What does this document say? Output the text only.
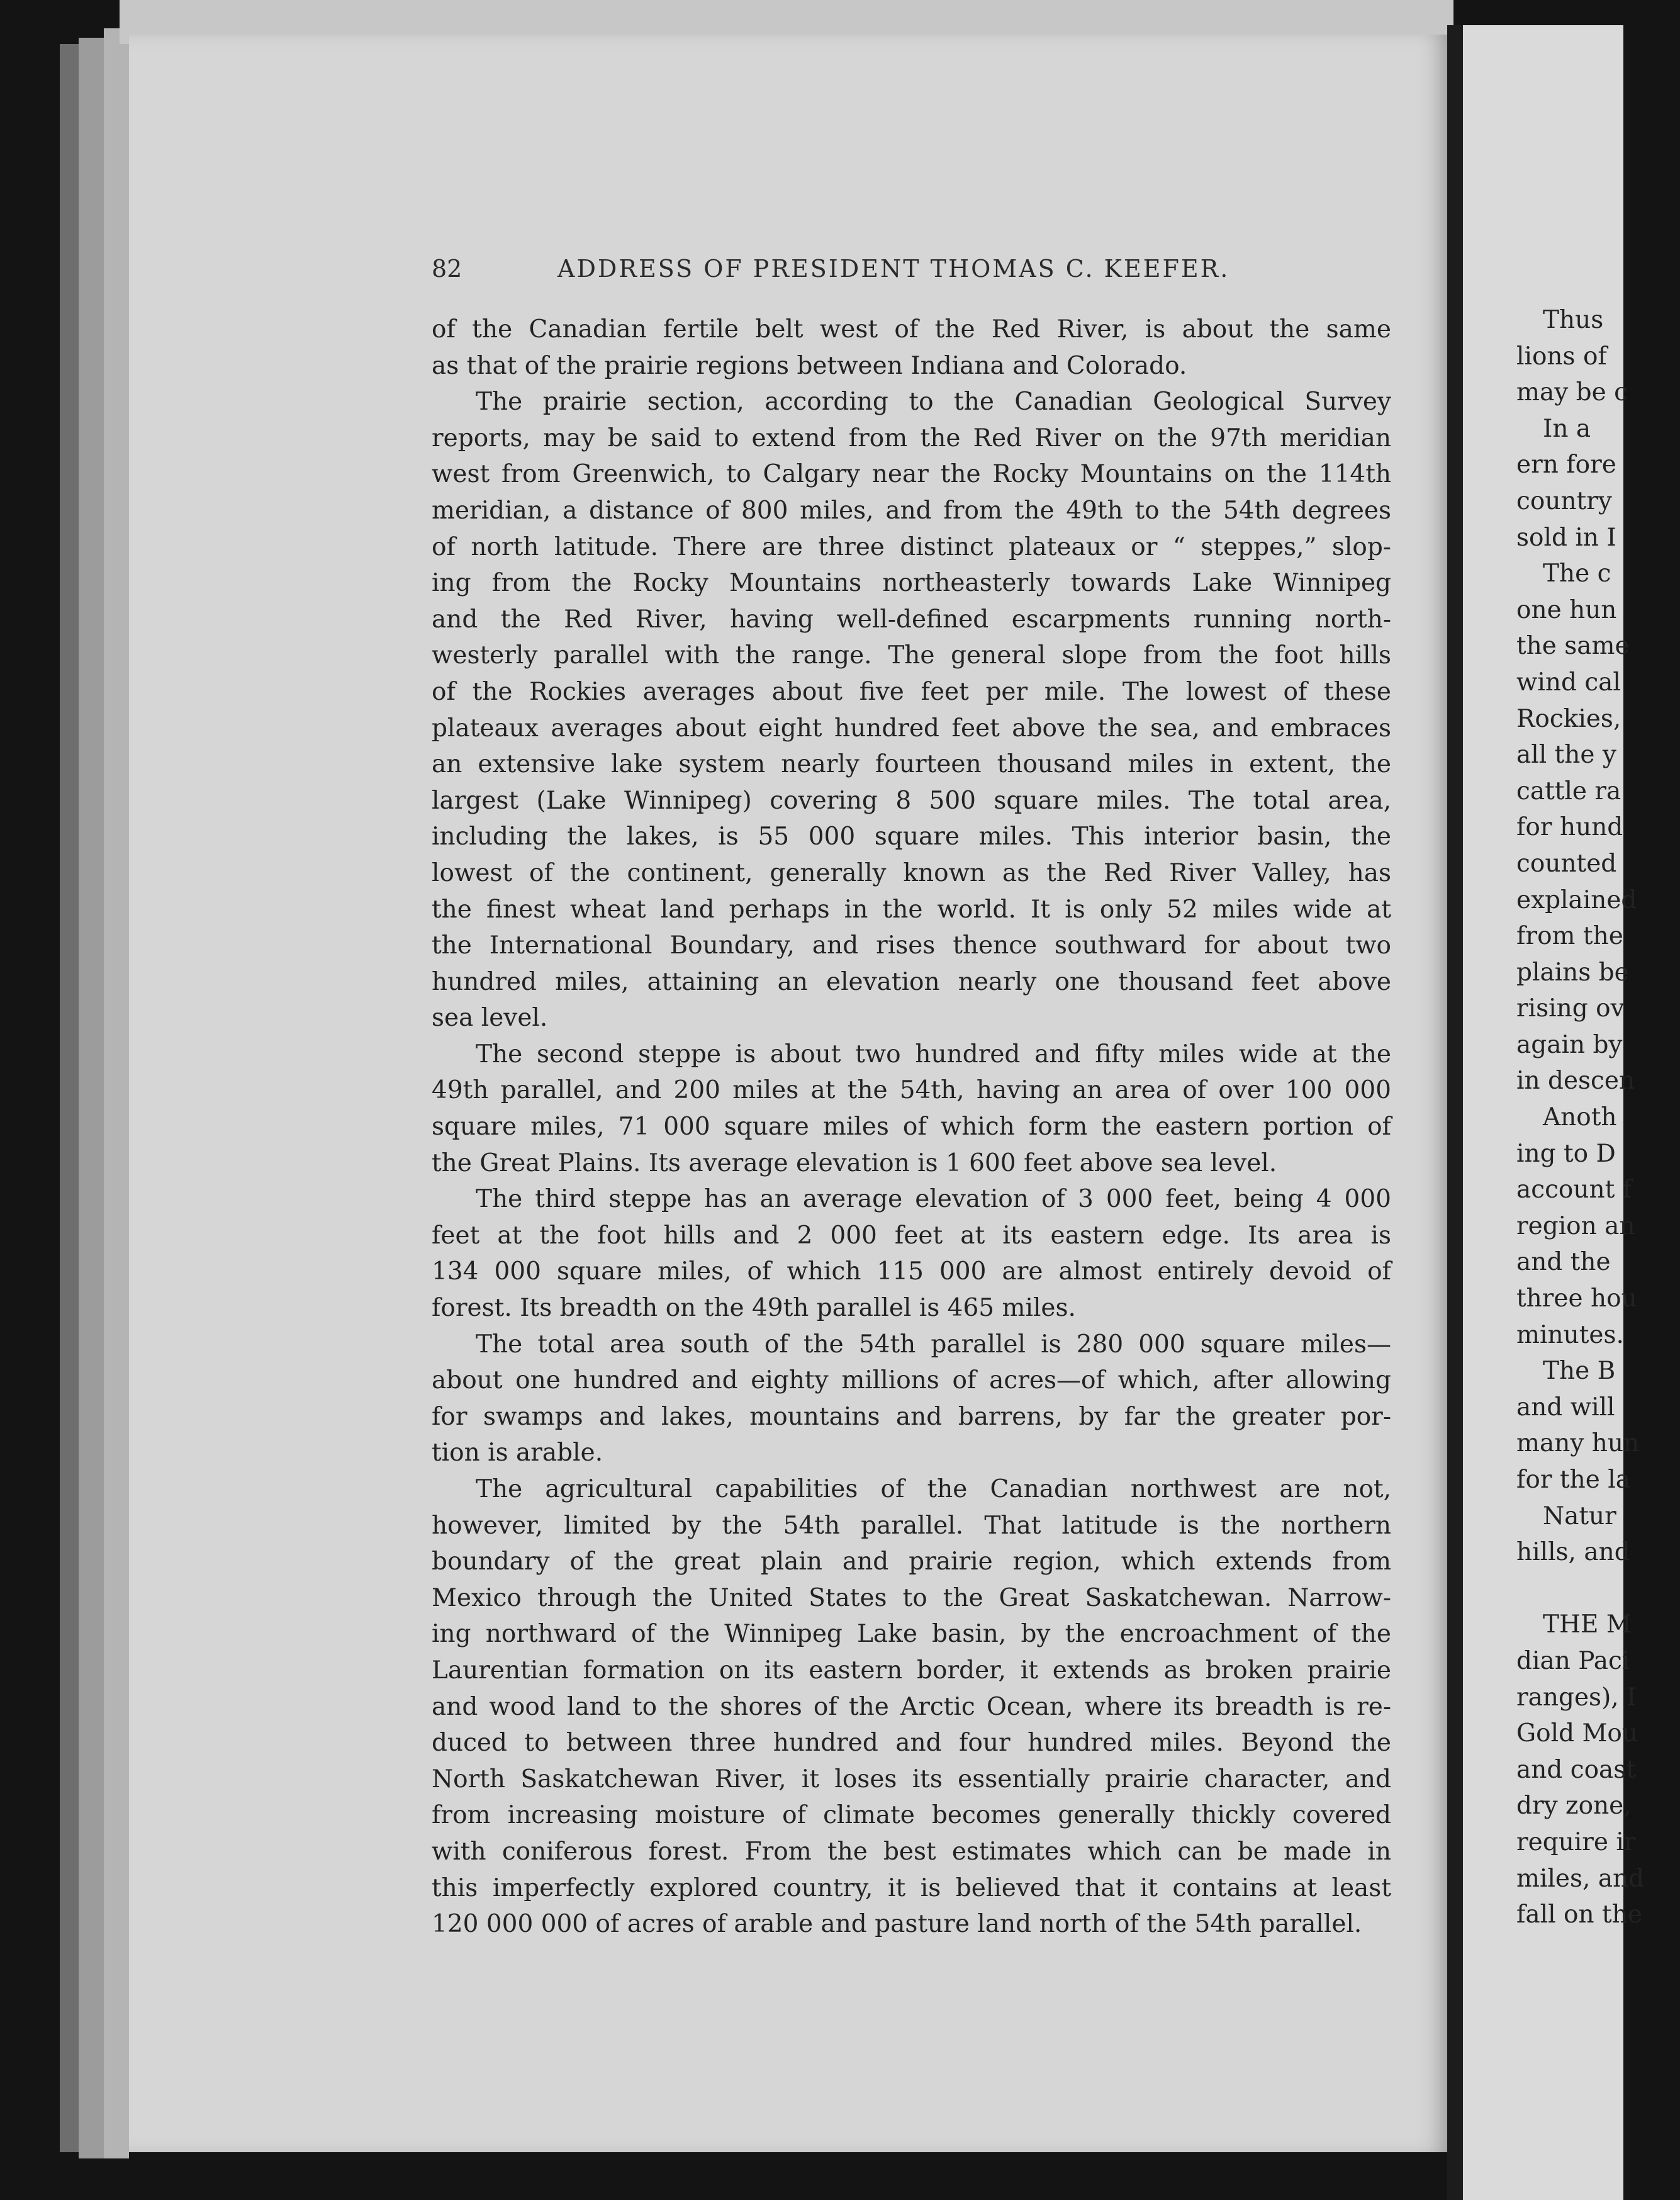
82	ADDRESS OF PRESIDENT THOMAS C. KEEFER.
of the Canadian fertile belt west of the Red River, is about the same
as that of the prairie regions between Indiana and Colorado.
The prairie section, according to the Canadian Geological Survey
reports, may be said to extend from the Red River on the 97th meridian
west from Greenwich, to Calgary near the Rocky Mountains on the 114th
meridian, a distance of 800 miles, and from the 49th to the 54th degrees
of north latitude. There are three distinct plateaux or “ steppes,” slop-
ing from the Rocky Mountains northeasterly towards Lake Winnipeg
and the Red River, having well-defined escarpments running north-
westerly parallel with the range. The general slope from the foot hills
of the Rockies averages about five feet per mile. The lowest of these
plateaux averages about eight hundred feet above the sea, and embraces
an extensive lake system nearly fourteen thousand miles in extent, the
largest (Lake Winnipeg) covering 8 500 square miles. The total area,
including the lakes, is 55 000 square miles. This interior basin, the
lowest of the continent, generally known as the Red River Valley, has
the finest wheat land perhaps in the world. It is only 52 miles wide at
the International Boundary, and rises thence southward for about two
hundred miles, attaining an elevation nearly one thousand feet above
sea level.
The second steppe is about two hundred and fifty miles wide at the
49th parallel, and 200 miles at the 54th, having an area of over 100 000
square miles, 71 000 square miles of which form the eastern portion of
the Great Plains. Its average elevation is 1 600 feet above sea level.
The third steppe has an average elevation of 3 000 feet, being 4 000
feet at the foot hills and 2 000 feet at its eastern edge. Its area is
134 000 square miles, of which 115 000 are almost entirely devoid of
forest. Its breadth on the 49th parallel is 465 miles.
The total area south of the 54th parallel is 280 000 square miles—
about one hundred and eighty millions of acres—of which, after allowing
for swamps and lakes, mountains and barrens, by far the greater por-
tion is arable.
The agricultural capabilities of the Canadian northwest are not,
however, limited by the 54th parallel. That latitude is the northern
boundary of the great plain and prairie region, which extends from
Mexico through the United States to the Great Saskatchewan. Narrow-
ing northward of the Winnipeg Lake basin, by the encroachment of the
Laurentian formation on its eastern border, it extends as broken prairie
and wood land to the shores of the Arctic Ocean, where its breadth is re-
duced to between three hundred and four hundred miles. Beyond the
North Saskatchewan River, it loses its essentially prairie character, and
from increasing moisture of climate becomes generally thickly covered
with coniferous forest. From the best estimates which can be made in
this imperfectly explored country, it is believed that it contains at least
120 000 000 of acres of arable and pasture land north of the 54th parallel.
Thus
lions of
may be c
In a
ern fore
country
sold in I
The c
one hun
the same
wind cal
Rockies,
all the y
cattle ra
for hund
counted
explained
from the
plains be
rising ov
again by
in descen
Anoth
ing to D
account f
region an
and the
three hou
minutes.
The B
and will
many hun
for the la
Natur
hills, and
THE M
dian Paci
ranges), I
Gold Mou
and coast
dry zone,
require ir
miles, and
fall on the
